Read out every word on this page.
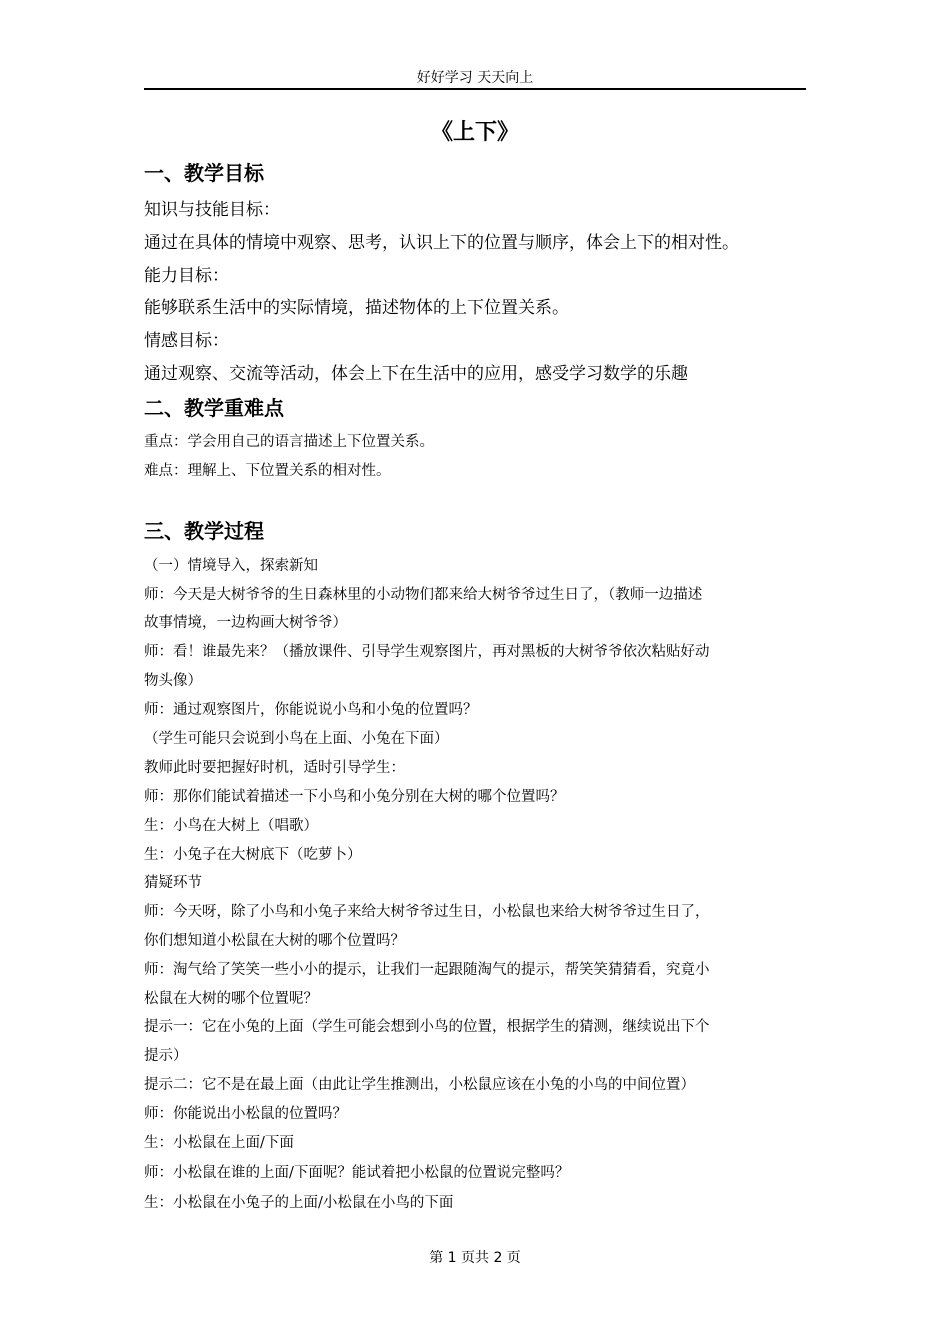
好好学习 天天向上
《上下》
一、教学目标
知识与技能目标：
通过在具体的情境中观察、思考，认识上下的位置与顺序，体会上下的相对性。
能力目标：
能够联系生活中的实际情境，描述物体的上下位置关系。
情感目标：
通过观察、交流等活动，体会上下在生活中的应用，感受学习数学的乐趣
二、教学重难点
重点：学会用自己的语言描述上下位置关系。
难点：理解上、下位置关系的相对性。
三、教学过程
（一）情境导入，探索新知
师：今天是大树爷爷的生日森林里的小动物们都来给大树爷爷过生日了，（教师一边描述
故事情境，一边构画大树爷爷）
师：看！谁最先来？（播放课件、引导学生观察图片，再对黑板的大树爷爷依次粘贴好动
物头像）
师：通过观察图片，你能说说小鸟和小兔的位置吗？
（学生可能只会说到小鸟在上面、小兔在下面）
教师此时要把握好时机，适时引导学生：
师：那你们能试着描述一下小鸟和小兔分别在大树的哪个位置吗？
生：小鸟在大树上（唱歌）
生：小兔子在大树底下（吃萝卜）
猜疑环节
师：今天呀，除了小鸟和小兔子来给大树爷爷过生日，小松鼠也来给大树爷爷过生日了，
你们想知道小松鼠在大树的哪个位置吗？
师：淘气给了笑笑一些小小的提示，让我们一起跟随淘气的提示，帮笑笑猜猜看，究竟小
松鼠在大树的哪个位置呢？
提示一：它在小兔的上面（学生可能会想到小鸟的位置，根据学生的猜测，继续说出下个
提示）
提示二：它不是在最上面（由此让学生推测出，小松鼠应该在小兔的小鸟的中间位置）
师：你能说出小松鼠的位置吗？
生：小松鼠在上面/下面
师：小松鼠在谁的上面/下面呢？能试着把小松鼠的位置说完整吗？
生：小松鼠在小兔子的上面/小松鼠在小鸟的下面
第 1 页共 2 页
